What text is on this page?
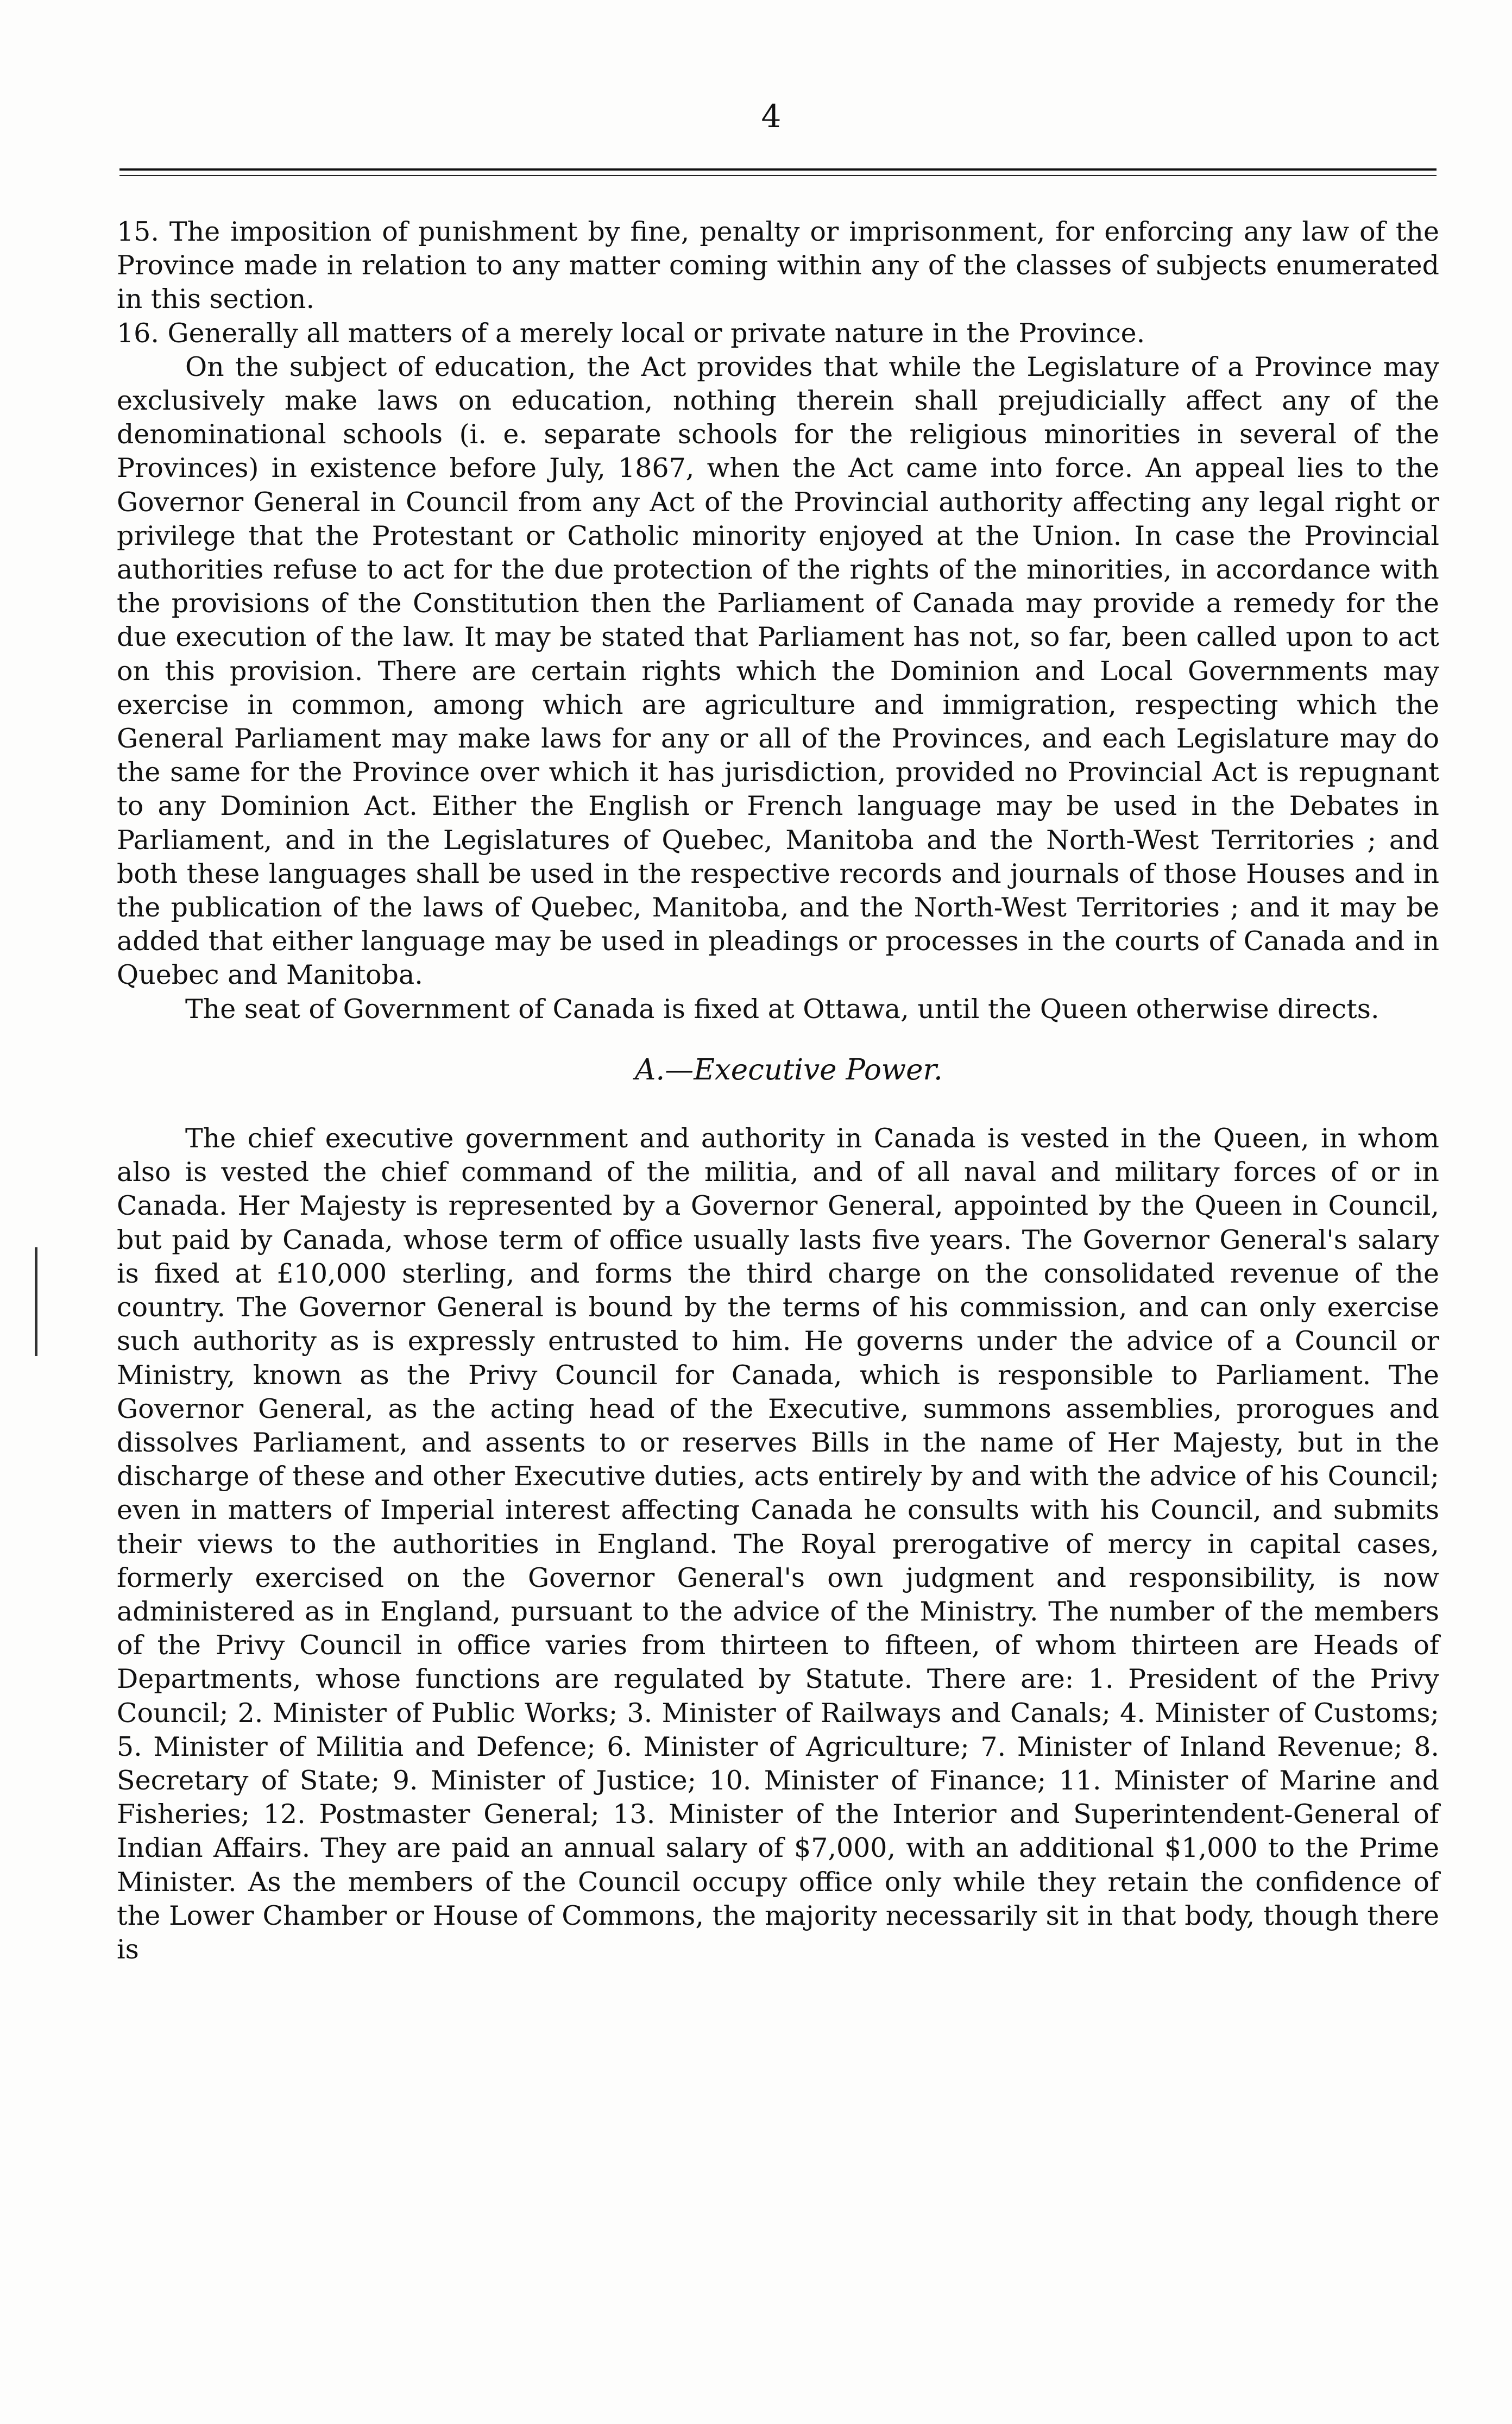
4

15. The imposition of punishment by fine, penalty or imprisonment, for enforcing any law of the Province made in relation to any matter coming within any of the classes of subjects enumerated in this section.

16. Generally all matters of a merely local or private nature in the Province.

On the subject of education, the Act provides that while the Legislature of a Province may exclusively make laws on education, nothing therein shall prejudicially affect any of the denominational schools (i. e. separate schools for the religious minorities in several of the Provinces) in existence before July, 1867, when the Act came into force. An appeal lies to the Governor General in Council from any Act of the Provincial authority affecting any legal right or privilege that the Protestant or Catholic minority enjoyed at the Union. In case the Provincial authorities refuse to act for the due protection of the rights of the minorities, in accordance with the provisions of the Constitution then the Parliament of Canada may provide a remedy for the due execution of the law. It may be stated that Parliament has not, so far, been called upon to act on this provision. There are certain rights which the Dominion and Local Governments may exercise in common, among which are agriculture and immigration, respecting which the General Parliament may make laws for any or all of the Provinces, and each Legislature may do the same for the Province over which it has jurisdiction, provided no Provincial Act is repugnant to any Dominion Act. Either the English or French language may be used in the Debates in Parliament, and in the Legislatures of Quebec, Manitoba and the North-West Territories ; and both these languages shall be used in the respective records and journals of those Houses and in the publication of the laws of Quebec, Manitoba, and the North-West Territories ; and it may be added that either language may be used in pleadings or processes in the courts of Canada and in Quebec and Manitoba.

The seat of Government of Canada is fixed at Ottawa, until the Queen otherwise directs.

A.—Executive Power.

The chief executive government and authority in Canada is vested in the Queen, in whom also is vested the chief command of the militia, and of all naval and military forces of or in Canada. Her Majesty is represented by a Governor General, appointed by the Queen in Council, but paid by Canada, whose term of office usually lasts five years. The Governor General's salary is fixed at £10,000 sterling, and forms the third charge on the consolidated revenue of the country. The Governor General is bound by the terms of his commission, and can only exercise such authority as is expressly entrusted to him. He governs under the advice of a Council or Ministry, known as the Privy Council for Canada, which is responsible to Parliament. The Governor General, as the acting head of the Executive, summons assemblies, prorogues and dissolves Parliament, and assents to or reserves Bills in the name of Her Majesty, but in the discharge of these and other Executive duties, acts entirely by and with the advice of his Council; even in matters of Imperial interest affecting Canada he consults with his Council, and submits their views to the authorities in England. The Royal prerogative of mercy in capital cases, formerly exercised on the Governor General's own judgment and responsibility, is now administered as in England, pursuant to the advice of the Ministry. The number of the members of the Privy Council in office varies from thirteen to fifteen, of whom thirteen are Heads of Departments, whose functions are regulated by Statute. There are: 1. President of the Privy Council; 2. Minister of Public Works; 3. Minister of Railways and Canals; 4. Minister of Customs; 5. Minister of Militia and Defence; 6. Minister of Agriculture; 7. Minister of Inland Revenue; 8. Secretary of State; 9. Minister of Justice; 10. Minister of Finance; 11. Minister of Marine and Fisheries; 12. Postmaster General; 13. Minister of the Interior and Superintendent-General of Indian Affairs. They are paid an annual salary of $7,000, with an additional $1,000 to the Prime Minister. As the members of the Council occupy office only while they retain the confidence of the Lower Chamber or House of Commons, the majority necessarily sit in that body, though there is
